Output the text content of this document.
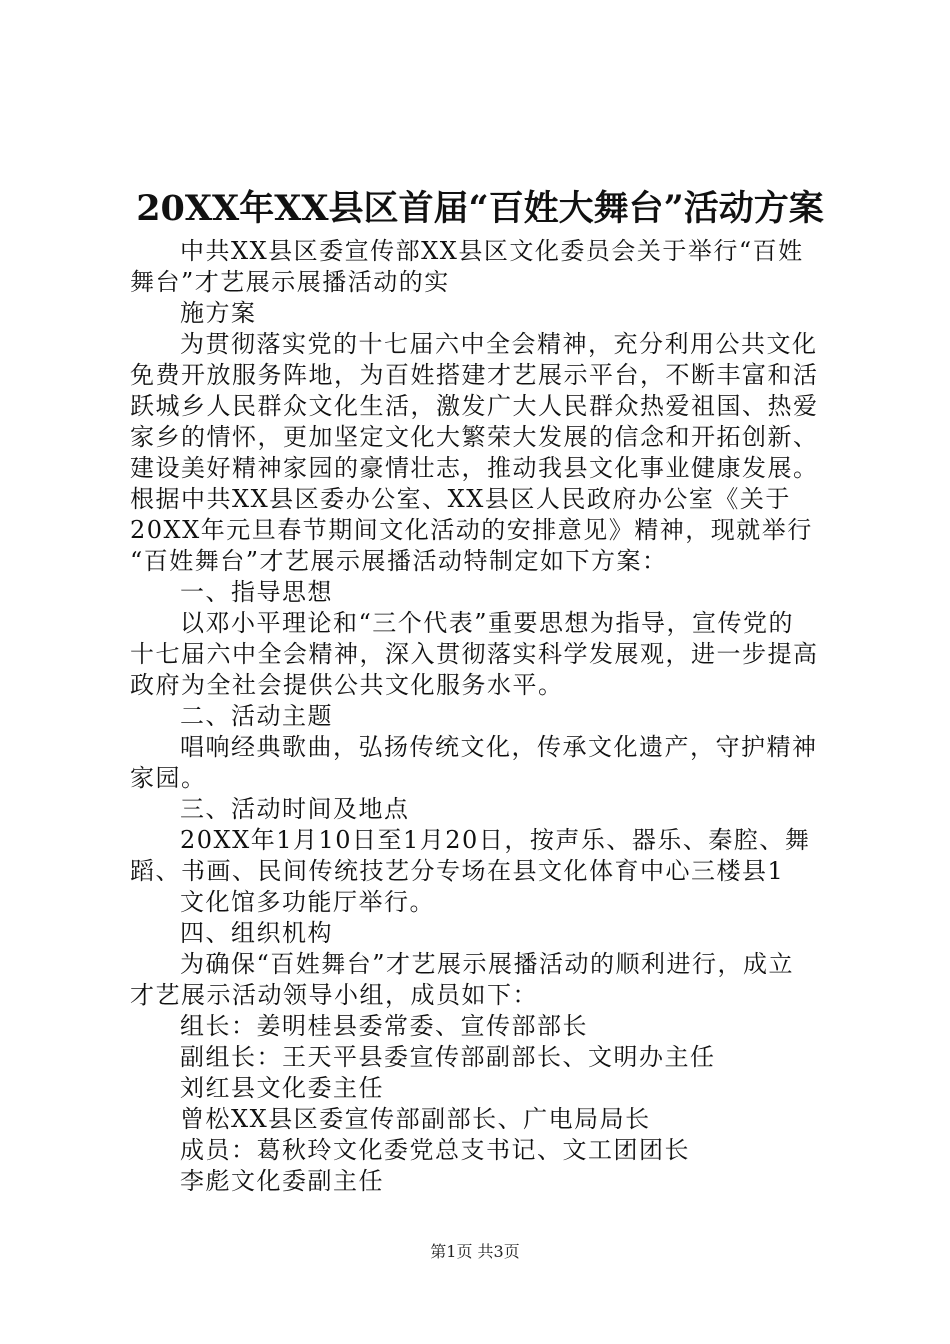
20XX年XX县区首届“百姓大舞台”活动方案
中共XX县区委宣传部XX县区文化委员会关于举行“百姓
舞台”才艺展示展播活动的实
施方案
为贯彻落实党的十七届六中全会精神，充分利用公共文化
免费开放服务阵地，为百姓搭建才艺展示平台，不断丰富和活
跃城乡人民群众文化生活，激发广大人民群众热爱祖国、热爱
家乡的情怀，更加坚定文化大繁荣大发展的信念和开拓创新、
建设美好精神家园的豪情壮志，推动我县文化事业健康发展。
根据中共XX县区委办公室、XX县区人民政府办公室《关于
20XX年元旦春节期间文化活动的安排意见》精神，现就举行
“百姓舞台”才艺展示展播活动特制定如下方案：
一、指导思想
以邓小平理论和“三个代表”重要思想为指导，宣传党的
十七届六中全会精神，深入贯彻落实科学发展观，进一步提高
政府为全社会提供公共文化服务水平。
二、活动主题
唱响经典歌曲，弘扬传统文化，传承文化遗产，守护精神
家园。
三、活动时间及地点
20XX年1月10日至1月20日，按声乐、器乐、秦腔、舞
蹈、书画、民间传统技艺分专场在县文化体育中心三楼县1
文化馆多功能厅举行。
四、组织机构
为确保“百姓舞台”才艺展示展播活动的顺利进行，成立
才艺展示活动领导小组，成员如下：
组长：姜明桂县委常委、宣传部部长
副组长：王天平县委宣传部副部长、文明办主任
刘红县文化委主任
曾松XX县区委宣传部副部长、广电局局长
成员：葛秋玲文化委党总支书记、文工团团长
李彪文化委副主任
第1页 共3页
